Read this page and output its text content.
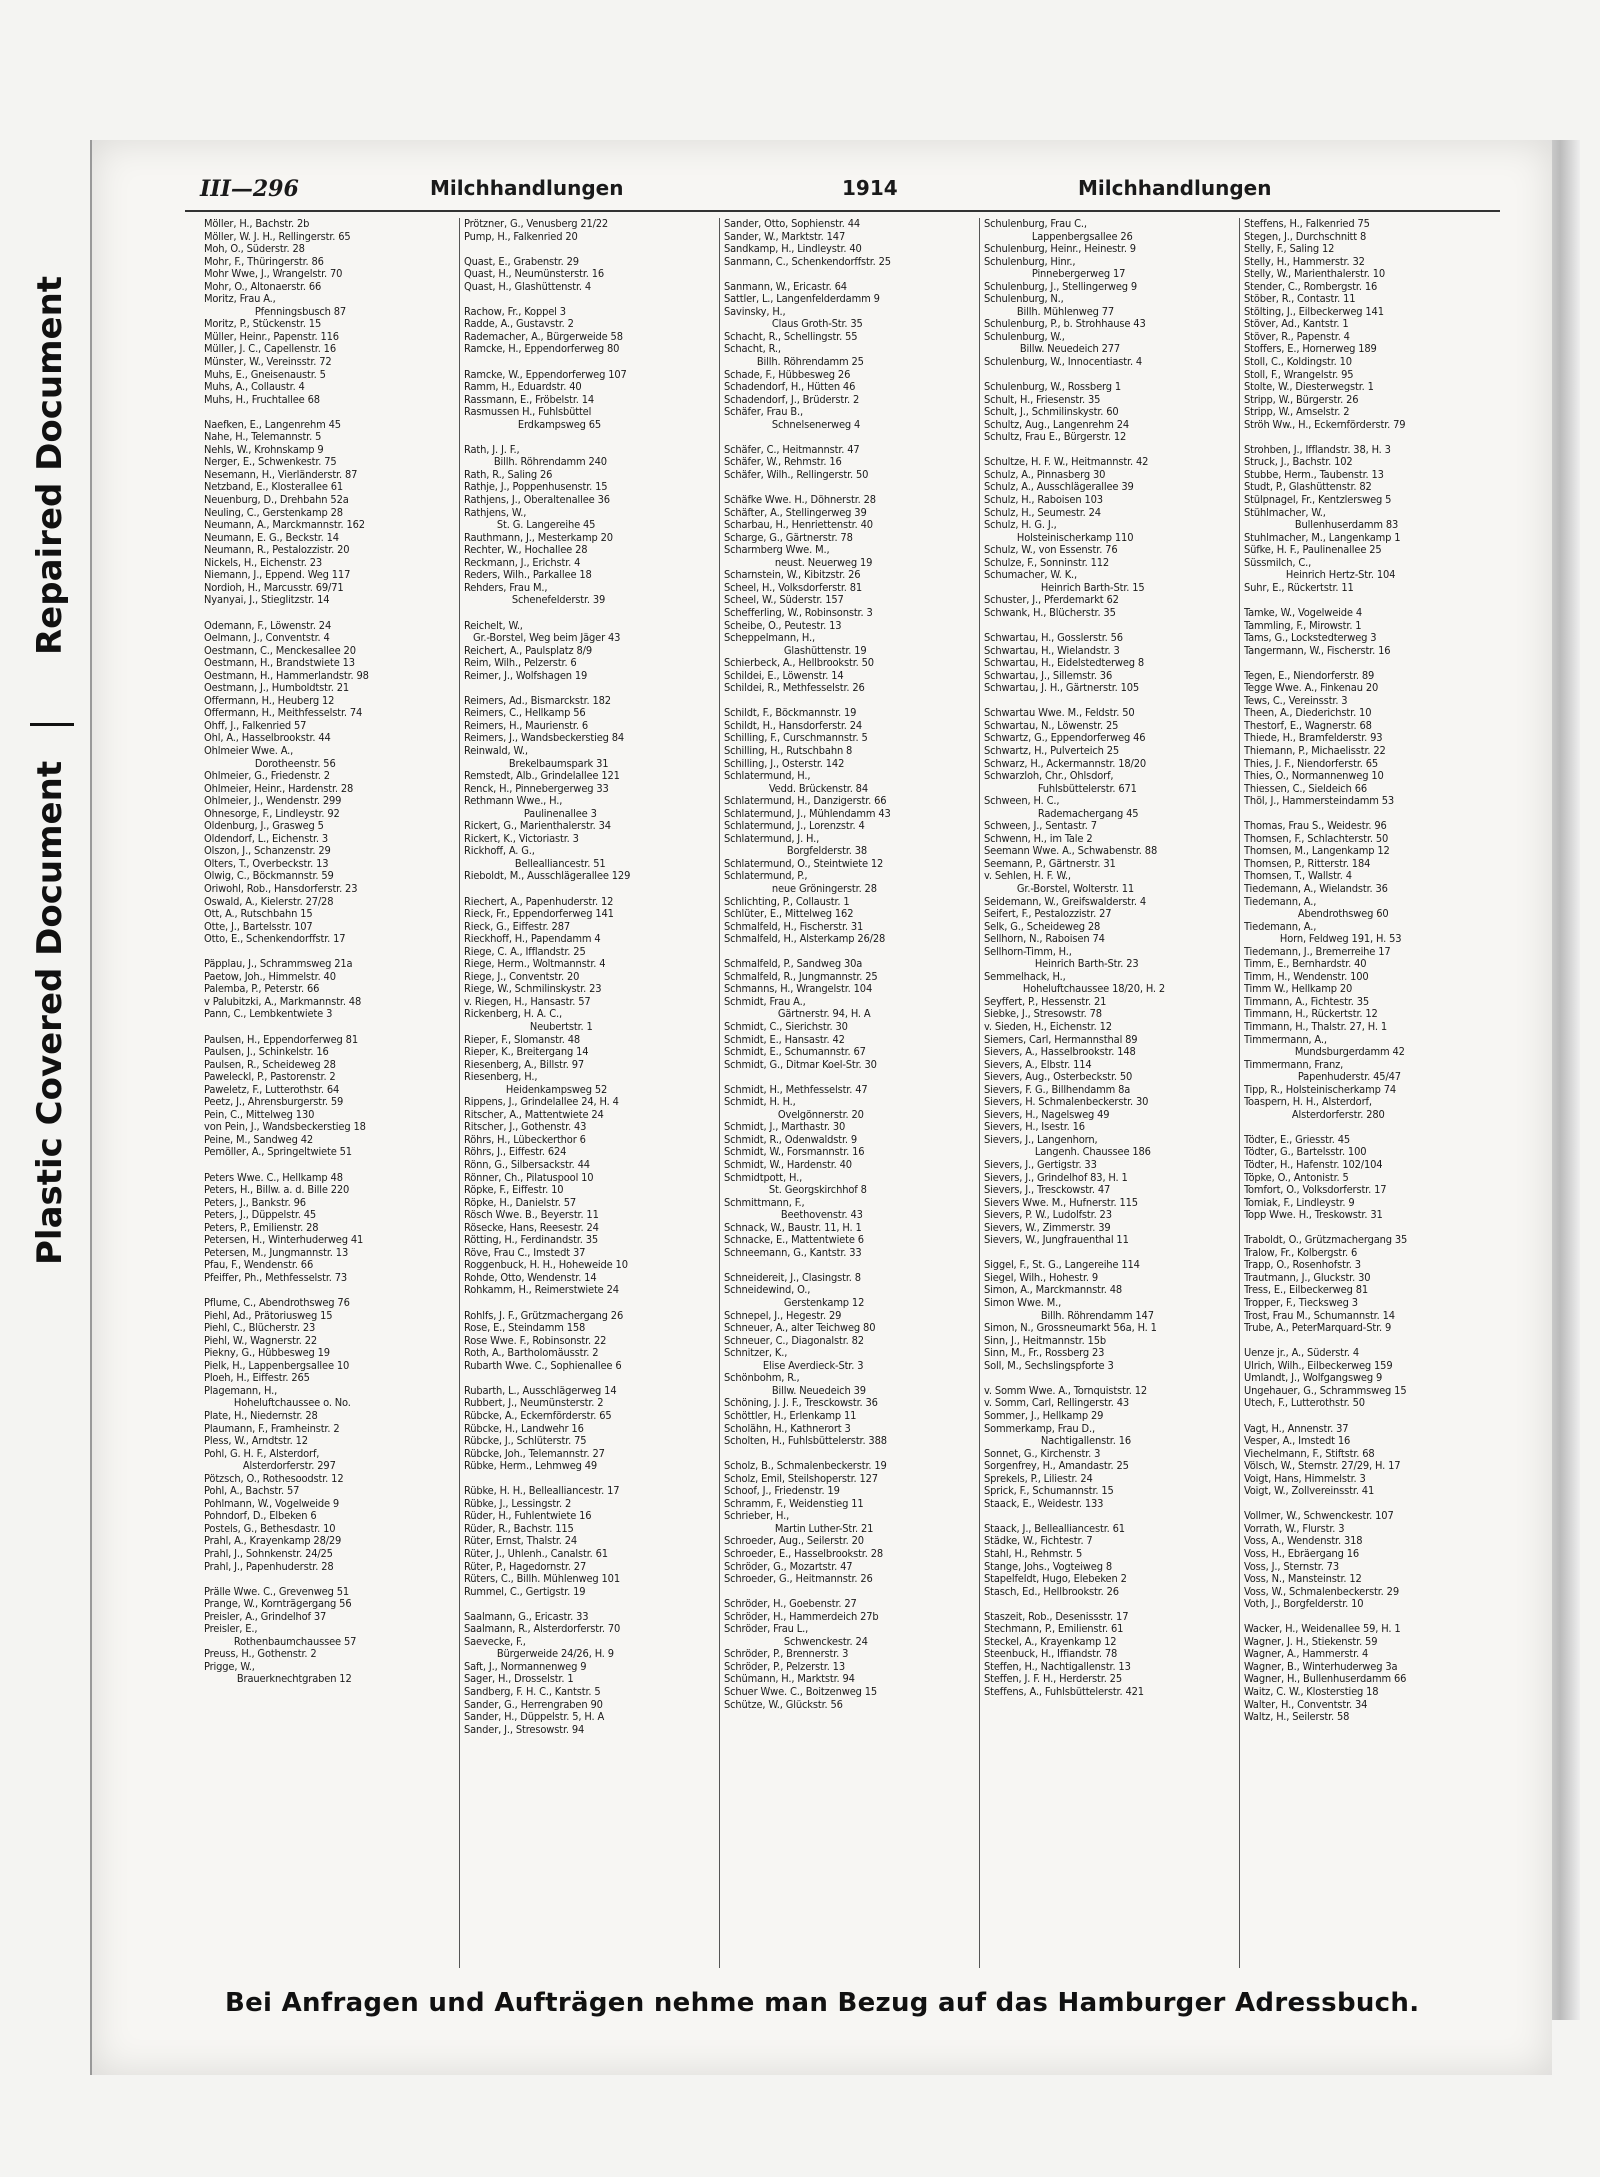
Repaired Document
Plastic Covered Document
III—296	Milchhandlungen	1914	Milchhandlungen
Möller, H., Bachstr. 2b
Möller, W. J. H., Rellingerstr. 65
Moh, O., Süderstr. 28
Mohr, F., Thüringerstr. 86
Mohr Wwe, J., Wrangelstr. 70
Mohr, O., Altonaerstr. 66
Moritz, Frau A.,
Pfenningsbusch 87
Moritz, P., Stückenstr. 15
Müller, Heinr., Papenstr. 116
Müller, J. C., Capellenstr. 16
Münster, W., Vereinsstr. 72
Muhs, E., Gneisenaustr. 5
Muhs, A., Collaustr. 4
Muhs, H., Fruchtallee 68

Naefken, E., Langenrehm 45
Nahe, H., Telemannstr. 5
Nehls, W., Krohnskamp 9
Nerger, E., Schwenkestr. 75
Nesemann, H., Vierländerstr. 87
Netzband, E., Klosterallee 61
Neuenburg, D., Drehbahn 52a
Neuling, C., Gerstenkamp 28
Neumann, A., Marckmannstr. 162
Neumann, E. G., Beckstr. 14
Neumann, R., Pestalozzistr. 20
Nickels, H., Eichenstr. 23
Niemann, J., Eppend. Weg 117
Nordioh, H., Marcusstr. 69/71
Nyanyai, J., Stieglitzstr. 14

Odemann, F., Löwenstr. 24
Oelmann, J., Conventstr. 4
Oestmann, C., Menckesallee 20
Oestmann, H., Brandstwiete 13
Oestmann, H., Hammerlandstr. 98
Oestmann, J., Humboldtstr. 21
Offermann, H., Heuberg 12
Offermann, H., Meithfesselstr. 74
Ohff, J., Falkenried 57
Ohl, A., Hasselbrookstr. 44
Ohlmeier Wwe. A.,
Dorotheenstr. 56
Ohlmeier, G., Friedenstr. 2
Ohlmeier, Heinr., Hardenstr. 28
Ohlmeier, J., Wendenstr. 299
Ohnesorge, F., Lindleystr. 92
Oldenburg, J., Grasweg 5
Oldendorf, L., Eichenstr. 3
Olszon, J., Schanzenstr. 29
Olters, T., Overbeckstr. 13
Olwig, C., Böckmannstr. 59
Oriwohl, Rob., Hansdorferstr. 23
Oswald, A., Kielerstr. 27/28
Ott, A., Rutschbahn 15
Otte, J., Bartelsstr. 107
Otto, E., Schenkendorffstr. 17

Päpplau, J., Schrammsweg 21a
Paetow, Joh., Himmelstr. 40
Palemba, P., Peterstr. 66
v Palubitzki, A., Markmannstr. 48
Pann, C., Lembkentwiete 3

Paulsen, H., Eppendorferweg 81
Paulsen, J., Schinkelstr. 16
Paulsen, R., Scheideweg 28
Paweleckl, P., Pastorenstr. 2
Paweletz, F., Lutterothstr. 64
Peetz, J., Ahrensburgerstr. 59
Pein, C., Mittelweg 130
von Pein, J., Wandsbeckerstieg 18
Peine, M., Sandweg 42
Pemöller, A., Springeltwiete 51

Peters Wwe. C., Hellkamp 48
Peters, H., Billw. a. d. Bille 220
Peters, J., Bankstr. 96
Peters, J., Düppelstr. 45
Peters, P., Emilienstr. 28
Petersen, H., Winterhuderweg 41
Petersen, M., Jungmannstr. 13
Pfau, F., Wendenstr. 66
Pfeiffer, Ph., Methfesselstr. 73

Pflume, C., Abendrothsweg 76
Piehl, Ad., Prätoriusweg 15
Piehl, C., Blücherstr. 23
Piehl, W., Wagnerstr. 22
Piekny, G., Hübbesweg 19
Pielk, H., Lappenbergsallee 10
Ploeh, H., Eiffestr. 265
Plagemann, H.,
Hoheluftchaussee o. No.
Plate, H., Niedernstr. 28
Plaumann, F., Framheinstr. 2
Pless, W., Arndtstr. 12
Pohl, G. H. F., Alsterdorf,
Alsterdorferstr. 297
Pötzsch, O., Rothesoodstr. 12
Pohl, A., Bachstr. 57
Pohlmann, W., Vogelweide 9
Pohndorf, D., Elbeken 6
Postels, G., Bethesdastr. 10
Prahl, A., Krayenkamp 28/29
Prahl, J., Sohnkenstr. 24/25
Prahl, J., Papenhuderstr. 28

Prälle Wwe. C., Grevenweg 51
Prange, W., Kornträgergang 56
Preisler, A., Grindelhof 37
Preisler, E.,
Rothenbaumchaussee 57
Preuss, H., Gothenstr. 2
Prigge, W.,
Brauerknechtgraben 12
Prötzner, G., Venusberg 21/22
Pump, H., Falkenried 20

Quast, E., Grabenstr. 29
Quast, H., Neumünsterstr. 16
Quast, H., Glashüttenstr. 4

Rachow, Fr., Koppel 3
Radde, A., Gustavstr. 2
Rademacher, A., Bürgerweide 58
Ramcke, H., Eppendorferweg 80

Ramcke, W., Eppendorferweg 107
Ramm, H., Eduardstr. 40
Rassmann, E., Fröbelstr. 14
Rasmussen H., Fuhlsbüttel
Erdkampsweg 65

Rath, J. J. F.,
Billh. Röhrendamm 240
Rath, R., Saling 26
Rathje, J., Poppenhusenstr. 15
Rathjens, J., Oberaltenallee 36
Rathjens, W.,
St. G. Langereihe 45
Rauthmann, J., Mesterkamp 20
Rechter, W., Hochallee 28
Reckmann, J., Erichstr. 4
Reders, Wilh., Parkallee 18
Rehders, Frau M.,
Schenefelderstr. 39

Reichelt, W.,
Gr.-Borstel, Weg beim Jäger 43
Reichert, A., Paulsplatz 8/9
Reim, Wilh., Pelzerstr. 6
Reimer, J., Wolfshagen 19

Reimers, Ad., Bismarckstr. 182
Reimers, C., Hellkamp 56
Reimers, H., Maurienstr. 6
Reimers, J., Wandsbeckerstieg 84
Reinwald, W.,
Brekelbaumspark 31
Remstedt, Alb., Grindelallee 121
Renck, H., Pinnebergerweg 33
Rethmann Wwe., H.,
Paulinenallee 3
Rickert, G., Marienthalerstr. 34
Rickert, K., Victoriastr. 3
Rickhoff, A. G.,
Bellealliancestr. 51
Rieboldt, M., Ausschlägerallee 129

Riechert, A., Papenhuderstr. 12
Rieck, Fr., Eppendorferweg 141
Rieck, G., Eiffestr. 287
Rieckhoff, H., Papendamm 4
Riege, C. A., Ifflandstr. 25
Riege, Herm., Woltmannstr. 4
Riege, J., Conventstr. 20
Riege, W., Schmilinskystr. 23
v. Riegen, H., Hansastr. 57
Rickenberg, H. A. C.,
Neubertstr. 1
Rieper, F., Slomanstr. 48
Rieper, K., Breitergang 14
Riesenberg, A., Billstr. 97
Riesenberg, H.,
Heidenkampsweg 52
Rippens, J., Grindelallee 24, H. 4
Ritscher, A., Mattentwiete 24
Ritscher, J., Gothenstr. 43
Röhrs, H., Lübeckerthor 6
Röhrs, J., Eiffestr. 624
Rönn, G., Silbersackstr. 44
Rönner, Ch., Pilatuspool 10
Röpke, F., Eiffestr. 10
Röpke, H., Danielstr. 57
Rösch Wwe. B., Beyerstr. 11
Rösecke, Hans, Reesestr. 24
Rötting, H., Ferdinandstr. 35
Röve, Frau C., Imstedt 37
Roggenbuck, H. H., Hoheweide 10
Rohde, Otto, Wendenstr. 14
Rohkamm, H., Reimerstwiete 24

Rohlfs, J. F., Grützmachergang 26
Rose, E., Steindamm 158
Rose Wwe. F., Robinsonstr. 22
Roth, A., Bartholomäusstr. 2
Rubarth Wwe. C., Sophienallee 6

Rubarth, L., Ausschlägerweg 14
Rubbert, J., Neumünsterstr. 2
Rübcke, A., Eckernförderstr. 65
Rübcke, H., Landwehr 16
Rübcke, J., Schlüterstr. 75
Rübcke, Joh., Telemannstr. 27
Rübke, Herm., Lehmweg 49

Rübke, H. H., Bellealliancestr. 17
Rübke, J., Lessingstr. 2
Rüder, H., Fuhlentwiete 16
Rüder, R., Bachstr. 115
Rüter, Ernst, Thalstr. 24
Rüter, J., Uhlenh., Canalstr. 61
Rüter, P., Hagedornstr. 27
Rüters, C., Billh. Mühlenweg 101
Rummel, C., Gertigstr. 19

Saalmann, G., Ericastr. 33
Saalmann, R., Alsterdorferstr. 70
Saevecke, F.,
Bürgerweide 24/26, H. 9
Saft, J., Normannenweg 9
Sager, H., Drosselstr. 1
Sandberg, F. H. C., Kantstr. 5
Sander, G., Herrengraben 90
Sander, H., Düppelstr. 5, H. A
Sander, J., Stresowstr. 94
Sander, Otto, Sophienstr. 44
Sander, W., Marktstr. 147
Sandkamp, H., Lindleystr. 40
Sanmann, C., Schenkendorffstr. 25

Sanmann, W., Ericastr. 64
Sattler, L., Langenfelderdamm 9
Savinsky, H.,
Claus Groth-Str. 35
Schacht, R., Schellingstr. 55
Schacht, R.,
Billh. Röhrendamm 25
Schade, F., Hübbesweg 26
Schadendorf, H., Hütten 46
Schadendorf, J., Brüderstr. 2
Schäfer, Frau B.,
Schnelsenerweg 4

Schäfer, C., Heitmannstr. 47
Schäfer, W., Rehmstr. 16
Schäfer, Wilh., Rellingerstr. 50

Schäfke Wwe. H., Döhnerstr. 28
Schäfter, A., Stellingerweg 39
Scharbau, H., Henriettenstr. 40
Scharge, G., Gärtnerstr. 78
Scharmberg Wwe. M.,
neust. Neuerweg 19
Scharnstein, W., Kibitzstr. 26
Scheel, H., Volksdorferstr. 81
Scheel, W., Süderstr. 157
Schefferling, W., Robinsonstr. 3
Scheibe, O., Peutestr. 13
Scheppelmann, H.,
Glashüttenstr. 19
Schierbeck, A., Hellbrookstr. 50
Schildei, E., Löwenstr. 14
Schildei, R., Methfesselstr. 26

Schildt, F., Böckmannstr. 19
Schildt, H., Hansdorferstr. 24
Schilling, F., Curschmannstr. 5
Schilling, H., Rutschbahn 8
Schilling, J., Osterstr. 142
Schlatermund, H.,
Vedd. Brückenstr. 84
Schlatermund, H., Danzigerstr. 66
Schlatermund, J., Mühlendamm 43
Schlatermund, J., Lorenzstr. 4
Schlatermund, J. H.,
Borgfelderstr. 38
Schlatermund, O., Steintwiete 12
Schlatermund, P.,
neue Gröningerstr. 28
Schlichting, P., Collaustr. 1
Schlüter, E., Mittelweg 162
Schmalfeld, H., Fischerstr. 31
Schmalfeld, H., Alsterkamp 26/28

Schmalfeld, P., Sandweg 30a
Schmalfeld, R., Jungmannstr. 25
Schmanns, H., Wrangelstr. 104
Schmidt, Frau A.,
Gärtnerstr. 94, H. A
Schmidt, C., Sierichstr. 30
Schmidt, E., Hansastr. 42
Schmidt, E., Schumannstr. 67
Schmidt, G., Ditmar Koel-Str. 30

Schmidt, H., Methfesselstr. 47
Schmidt, H. H.,
Övelgönnerstr. 20
Schmidt, J., Marthastr. 30
Schmidt, R., Odenwaldstr. 9
Schmidt, W., Forsmannstr. 16
Schmidt, W., Hardenstr. 40
Schmidtpott, H.,
St. Georgskirchhof 8
Schmittmann, F.,
Beethovenstr. 43
Schnack, W., Baustr. 11, H. 1
Schnacke, E., Mattentwiete 6
Schneemann, G., Kantstr. 33

Schneidereit, J., Clasingstr. 8
Schneidewind, O.,
Gerstenkamp 12
Schnepel, J., Hegestr. 29
Schneuer, A., alter Teichweg 80
Schneuer, C., Diagonalstr. 82
Schnitzer, K.,
Elise Averdieck-Str. 3
Schönbohm, R.,
Billw. Neuedeich 39
Schöning, J. J. F., Tresckowstr. 36
Schöttler, H., Erlenkamp 11
Scholähn, H., Kathnerort 3
Scholten, H., Fuhlsbüttelerstr. 388

Scholz, B., Schmalenbeckerstr. 19
Scholz, Emil, Steilshoperstr. 127
Schoof, J., Friedenstr. 19
Schramm, F., Weidenstieg 11
Schrieber, H.,
Martin Luther-Str. 21
Schroeder, Aug., Seilerstr. 20
Schroeder, E., Hasselbrookstr. 28
Schröder, G., Mozartstr. 47
Schroeder, G., Heitmannstr. 26

Schröder, H., Goebenstr. 27
Schröder, H., Hammerdeich 27b
Schröder, Frau L.,
Schwenckestr. 24
Schröder, P., Brennerstr. 3
Schröder, P., Pelzerstr. 13
Schümann, H., Marktstr. 94
Schuer Wwe. C., Boitzenweg 15
Schütze, W., Glückstr. 56
Schulenburg, Frau C.,
Lappenbergsallee 26
Schulenburg, Heinr., Heinestr. 9
Schulenburg, Hinr.,
Pinnebergerweg 17
Schulenburg, J., Stellingerweg 9
Schulenburg, N.,
Billh. Mühlenweg 77
Schulenburg, P., b. Strohhause 43
Schulenburg, W.,
Billw. Neuedeich 277
Schulenburg, W., Innocentiastr. 4

Schulenburg, W., Rossberg 1
Schult, H., Friesenstr. 35
Schult, J., Schmilinskystr. 60
Schultz, Aug., Langenrehm 24
Schultz, Frau E., Bürgerstr. 12

Schultze, H. F. W., Heitmannstr. 42
Schulz, A., Pinnasberg 30
Schulz, A., Ausschlägerallee 39
Schulz, H., Raboisen 103
Schulz, H., Seumestr. 24
Schulz, H. G. J.,
Holsteinischerkamp 110
Schulz, W., von Essenstr. 76
Schulze, F., Sonninstr. 112
Schumacher, W. K.,
Heinrich Barth-Str. 15
Schuster, J., Pferdemarkt 62
Schwank, H., Blücherstr. 35

Schwartau, H., Gosslerstr. 56
Schwartau, H., Wielandstr. 3
Schwartau, H., Eidelstedterweg 8
Schwartau, J., Sillemstr. 36
Schwartau, J. H., Gärtnerstr. 105

Schwartau Wwe. M., Feldstr. 50
Schwartau, N., Löwenstr. 25
Schwartz, G., Eppendorferweg 46
Schwartz, H., Pulverteich 25
Schwarz, H., Ackermannstr. 18/20
Schwarzloh, Chr., Ohlsdorf,
Fuhlsbüttelerstr. 671
Schween, H. C.,
Rademachergang 45
Schween, J., Sentastr. 7
Schwenn, H., im Tale 2
Seemann Wwe. A., Schwabenstr. 88
Seemann, P., Gärtnerstr. 31
v. Sehlen, H. F. W.,
Gr.-Borstel, Wolterstr. 11
Seidemann, W., Greifswalderstr. 4
Seifert, F., Pestalozzistr. 27
Selk, G., Scheideweg 28
Sellhorn, N., Raboisen 74
Sellhorn-Timm, H.,
Heinrich Barth-Str. 23
Semmelhack, H.,
Hoheluftchaussee 18/20, H. 2
Seyffert, P., Hessenstr. 21
Siebke, J., Stresowstr. 78
v. Sieden, H., Eichenstr. 12
Siemers, Carl, Hermannsthal 89
Sievers, A., Hasselbrookstr. 148
Sievers, A., Elbstr. 114
Sievers, Aug., Osterbeckstr. 50
Sievers, F. G., Billhendamm 8a
Sievers, H. Schmalenbeckerstr. 30
Sievers, H., Nagelsweg 49
Sievers, H., Isestr. 16
Sievers, J., Langenhorn,
Langenh. Chaussee 186
Sievers, J., Gertigstr. 33
Sievers, J., Grindelhof 83, H. 1
Sievers, J., Tresckowstr. 47
Sievers Wwe. M., Hufnerstr. 115
Sievers, P. W., Ludolfstr. 23
Sievers, W., Zimmerstr. 39
Sievers, W., Jungfrauenthal 11

Siggel, F., St. G., Langereihe 114
Siegel, Wilh., Hohestr. 9
Simon, A., Marckmannstr. 48
Simon Wwe. M.,
Billh. Röhrendamm 147
Simon, N., Grossneumarkt 56a, H. 1
Sinn, J., Heitmannstr. 15b
Sinn, M., Fr., Rossberg 23
Soll, M., Sechslingspforte 3

v. Somm Wwe. A., Tornquiststr. 12
v. Somm, Carl, Rellingerstr. 43
Sommer, J., Hellkamp 29
Sommerkamp, Frau D.,
Nachtigallenstr. 16
Sonnet, G., Kirchenstr. 3
Sorgenfrey, H., Amandastr. 25
Sprekels, P., Liliestr. 24
Sprick, F., Schumannstr. 15
Staack, E., Weidestr. 133

Staack, J., Bellealliancestr. 61
Städke, W., Fichtestr. 7
Stahl, H., Rehmstr. 5
Stange, Johs., Vogteiweg 8
Stapelfeldt, Hugo, Elebeken 2
Stasch, Ed., Hellbrookstr. 26

Staszeit, Rob., Desenissstr. 17
Stechmann, P., Emilienstr. 61
Steckel, A., Krayenkamp 12
Steenbuck, H., Iffiandstr. 78
Steffen, H., Nachtigallenstr. 13
Steffen, J. F. H., Herderstr. 25
Steffens, A., Fuhlsbüttelerstr. 421
Steffens, H., Falkenried 75
Stegen, J., Durchschnitt 8
Stelly, F., Saling 12
Stelly, H., Hammerstr. 32
Stelly, W., Marienthalerstr. 10
Stender, C., Rombergstr. 16
Stöber, R., Contastr. 11
Stölting, J., Eilbeckerweg 141
Stöver, Ad., Kantstr. 1
Stöver, R., Papenstr. 4
Stoffers, E., Hornerweg 189
Stoll, C., Koldingstr. 10
Stoll, F., Wrangelstr. 95
Stolte, W., Diesterwegstr. 1
Stripp, W., Bürgerstr. 26
Stripp, W., Amselstr. 2
Ströh Ww., H., Eckernförderstr. 79

Strohben, J., Ifflandstr. 38, H. 3
Struck, J., Bachstr. 102
Stubbe, Herm., Taubenstr. 13
Studt, P., Glashüttenstr. 82
Stülpnagel, Fr., Kentzlersweg 5
Stühlmacher, W.,
Bullenhuserdamm 83
Stuhlmacher, M., Langenkamp 1
Süfke, H. F., Paulinenallee 25
Süssmilch, C.,
Heinrich Hertz-Str. 104
Suhr, E., Rückertstr. 11

Tamke, W., Vogelweide 4
Tammling, F., Mirowstr. 1
Tams, G., Lockstedterweg 3
Tangermann, W., Fischerstr. 16

Tegen, E., Niendorferstr. 89
Tegge Wwe. A., Finkenau 20
Tews, C., Vereinsstr. 3
Theen, A., Diederichstr. 10
Thestorf, E., Wagnerstr. 68
Thiede, H., Bramfelderstr. 93
Thiemann, P., Michaelisstr. 22
Thies, J. F., Niendorferstr. 65
Thies, O., Normannenweg 10
Thiessen, C., Sieldeich 66
Thöl, J., Hammersteindamm 53

Thomas, Frau S., Weidestr. 96
Thomsen, F., Schlachterstr. 50
Thomsen, M., Langenkamp 12
Thomsen, P., Ritterstr. 184
Thomsen, T., Wallstr. 4
Tiedemann, A., Wielandstr. 36
Tiedemann, A.,
Abendrothsweg 60
Tiedemann, A.,
Horn, Feldweg 191, H. 53
Tiedemann, J., Bremerreihe 17
Timm, E., Bernhardstr. 40
Timm, H., Wendenstr. 100
Timm W., Hellkamp 20
Timmann, A., Fichtestr. 35
Timmann, H., Rückertstr. 12
Timmann, H., Thalstr. 27, H. 1
Timmermann, A.,
Mundsburgerdamm 42
Timmermann, Franz,
Papenhuderstr. 45/47
Tipp, R., Holsteinischerkamp 74
Toaspern, H. H., Alsterdorf,
Alsterdorferstr. 280

Tödter, E., Griesstr. 45
Tödter, G., Bartelsstr. 100
Tödter, H., Hafenstr. 102/104
Töpke, O., Antonistr. 5
Tomfort, O., Volksdorferstr. 17
Tomiak, F., Lindleystr. 9
Topp Wwe. H., Treskowstr. 31

Traboldt, O., Grützmachergang 35
Tralow, Fr., Kolbergstr. 6
Trapp, O., Rosenhofstr. 3
Trautmann, J., Gluckstr. 30
Tress, E., Eilbeckerweg 81
Tropper, F., Tiecksweg 3
Trost, Frau M., Schumannstr. 14
Trube, A., PeterMarquard-Str. 9

Uenze jr., A., Süderstr. 4
Ulrich, Wilh., Eilbeckerweg 159
Umlandt, J., Wolfgangsweg 9
Ungehauer, G., Schrammsweg 15
Utech, F., Lutterothstr. 50

Vagt, H., Annenstr. 37
Vesper, A., Imstedt 16
Viechelmann, F., Stiftstr. 68
Völsch, W., Sternstr. 27/29, H. 17
Voigt, Hans, Himmelstr. 3
Voigt, W., Zollvereinsstr. 41

Vollmer, W., Schwenckestr. 107
Vorrath, W., Flurstr. 3
Voss, A., Wendenstr. 318
Voss, H., Ebräergang 16
Voss, J., Sternstr. 73
Voss, N., Mansteinstr. 12
Voss, W., Schmalenbeckerstr. 29
Voth, J., Borgfelderstr. 10

Wacker, H., Weidenallee 59, H. 1
Wagner, J. H., Stiekenstr. 59
Wagner, A., Hammerstr. 4
Wagner, B., Winterhuderweg 3a
Wagner, H., Bullenhuserdamm 66
Waitz, C. W., Klosterstieg 18
Walter, H., Conventstr. 34
Waltz, H., Seilerstr. 58
Bei Anfragen und Aufträgen nehme man Bezug auf das Hamburger Adressbuch.
